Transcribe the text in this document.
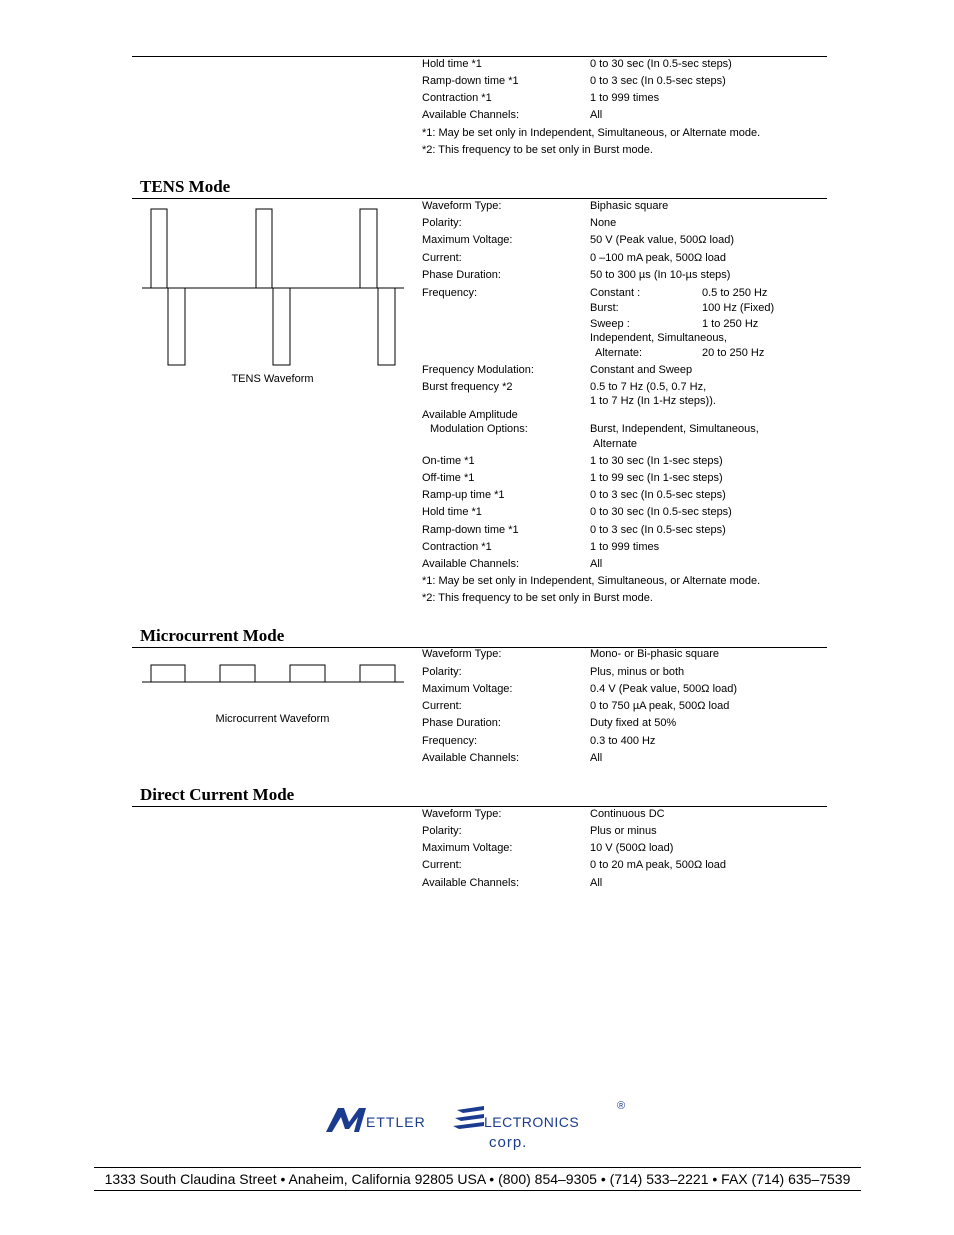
Hold time *1	0 to 30 sec (In 0.5-sec steps)
Ramp-down time *1	0 to 3 sec (In 0.5-sec steps)
Contraction *1	1 to 999 times
Available Channels:	All
*1: May be set only in Independent, Simultaneous, or Alternate mode.
*2: This frequency to be set only in Burst mode.
TENS Mode
TENS Waveform
Waveform Type:	Biphasic square
Polarity:	None
Maximum Voltage:	50 V (Peak value, 500Ω load)
Current:	0 –100 mA peak, 500Ω load
Phase Duration:	50 to 300 µs (In 10-µs steps)
Frequency:	Constant :	0.5 to 250 Hz
Burst:	100 Hz (Fixed)
Sweep :	1 to 250 Hz
Independent, Simultaneous,
Alternate:	20 to 250 Hz
Frequency Modulation:	Constant and Sweep
Burst frequency *2	0.5 to 7 Hz (0.5, 0.7 Hz,
1 to 7 Hz (In 1-Hz steps)).
Available Amplitude
Modulation Options:	Burst, Independent, Simultaneous,
Alternate
On-time *1	1 to 30 sec (In 1-sec steps)
Off-time *1	1 to 99 sec (In 1-sec steps)
Ramp-up time *1	0 to 3 sec (In 0.5-sec steps)
Hold time *1	0 to 30 sec (In 0.5-sec steps)
Ramp-down time *1	0 to 3 sec (In 0.5-sec steps)
Contraction *1	1 to 999 times
Available Channels:	All
*1: May be set only in Independent, Simultaneous, or Alternate mode.
*2: This frequency to be set only in Burst mode.
Microcurrent Mode
Microcurrent Waveform
Waveform Type:	Mono- or Bi-phasic square
Polarity:	Plus, minus or both
Maximum Voltage:	0.4 V (Peak value, 500Ω load)
Current:	0 to 750 µA peak, 500Ω load
Phase Duration:	Duty fixed at 50%
Frequency:	0.3 to 400 Hz
Available Channels:	All
Direct Current Mode
Waveform Type:	Continuous DC
Polarity:	Plus or minus
Maximum Voltage:	10 V (500Ω load)
Current:	0 to 20 mA peak, 500Ω load
Available Channels:	All
ETTLER	LECTRONICS
corp.
®
1333 South Claudina Street • Anaheim, California 92805 USA • (800) 854–9305 • (714) 533–2221 • FAX (714) 635–7539
